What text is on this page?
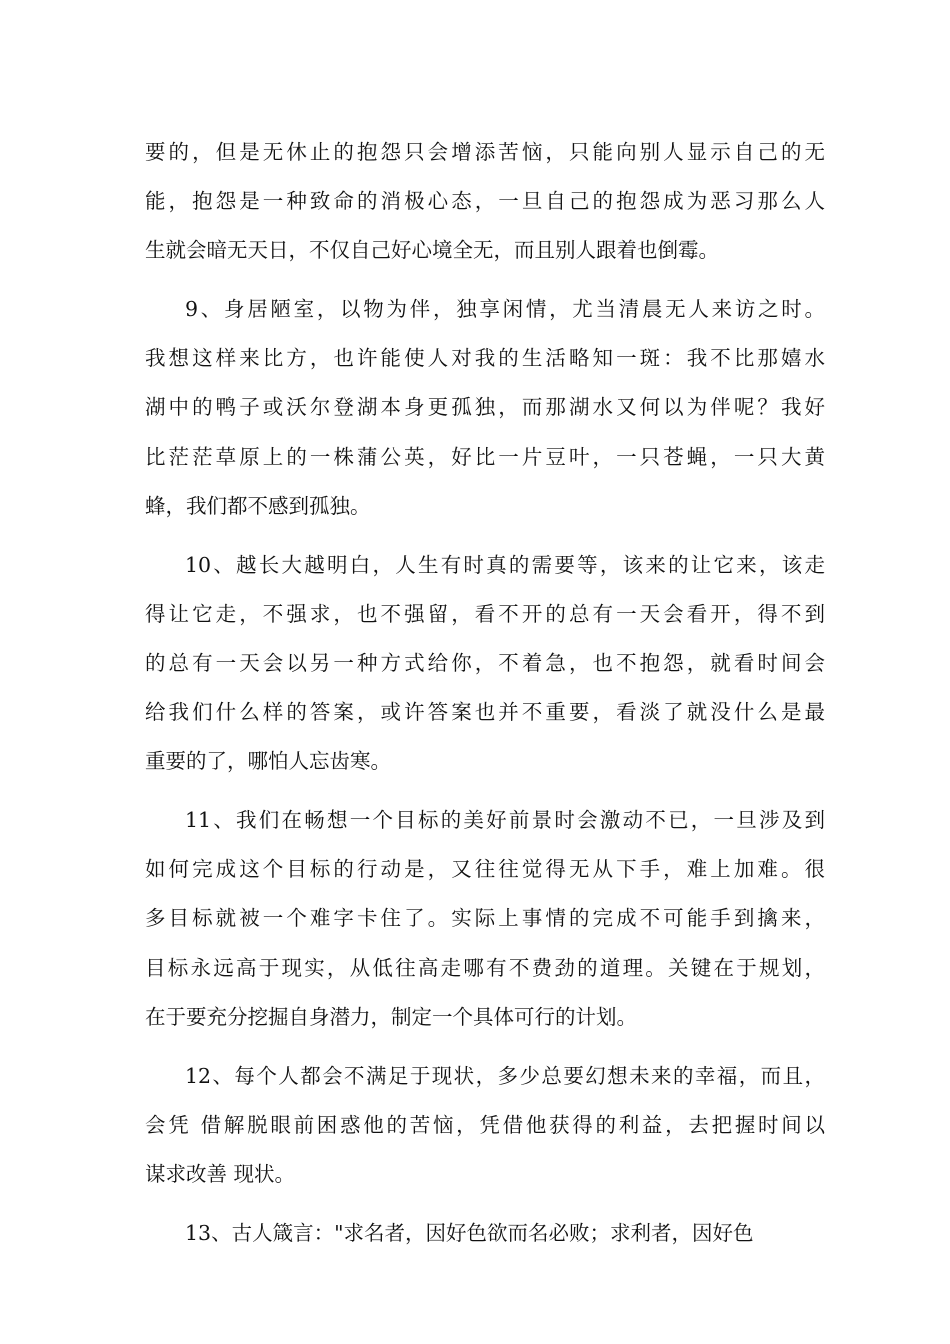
要的，但是无休止的抱怨只会增添苦恼，只能向别人显示自己的无
能，抱怨是一种致命的消极心态，一旦自己的抱怨成为恶习那么人
生就会暗无天日，不仅自己好心境全无，而且别人跟着也倒霉。
9、身居陋室，以物为伴，独享闲情，尤当清晨无人来访之时。
我想这样来比方，也许能使人对我的生活略知一斑：我不比那嬉水
湖中的鸭子或沃尔登湖本身更孤独，而那湖水又何以为伴呢？我好
比茫茫草原上的一株蒲公英，好比一片豆叶，一只苍蝇，一只大黄
蜂，我们都不感到孤独。
10、越长大越明白，人生有时真的需要等，该来的让它来，该走
得让它走，不强求，也不强留，看不开的总有一天会看开，得不到
的总有一天会以另一种方式给你，不着急，也不抱怨，就看时间会
给我们什么样的答案，或许答案也并不重要，看淡了就没什么是最
重要的了，哪怕人忘齿寒。
11、我们在畅想一个目标的美好前景时会激动不已，一旦涉及到
如何完成这个目标的行动是，又往往觉得无从下手，难上加难。很
多目标就被一个难字卡住了。实际上事情的完成不可能手到擒来，
目标永远高于现实，从低往高走哪有不费劲的道理。关键在于规划，
在于要充分挖掘自身潜力，制定一个具体可行的计划。
12、每个人都会不满足于现状，多少总要幻想未来的幸福，而且，
会凭 借解脱眼前困惑他的苦恼，凭借他获得的利益，去把握时间以
谋求改善 现状。
13、古人箴言："求名者，因好色欲而名必败；求利者，因好色
